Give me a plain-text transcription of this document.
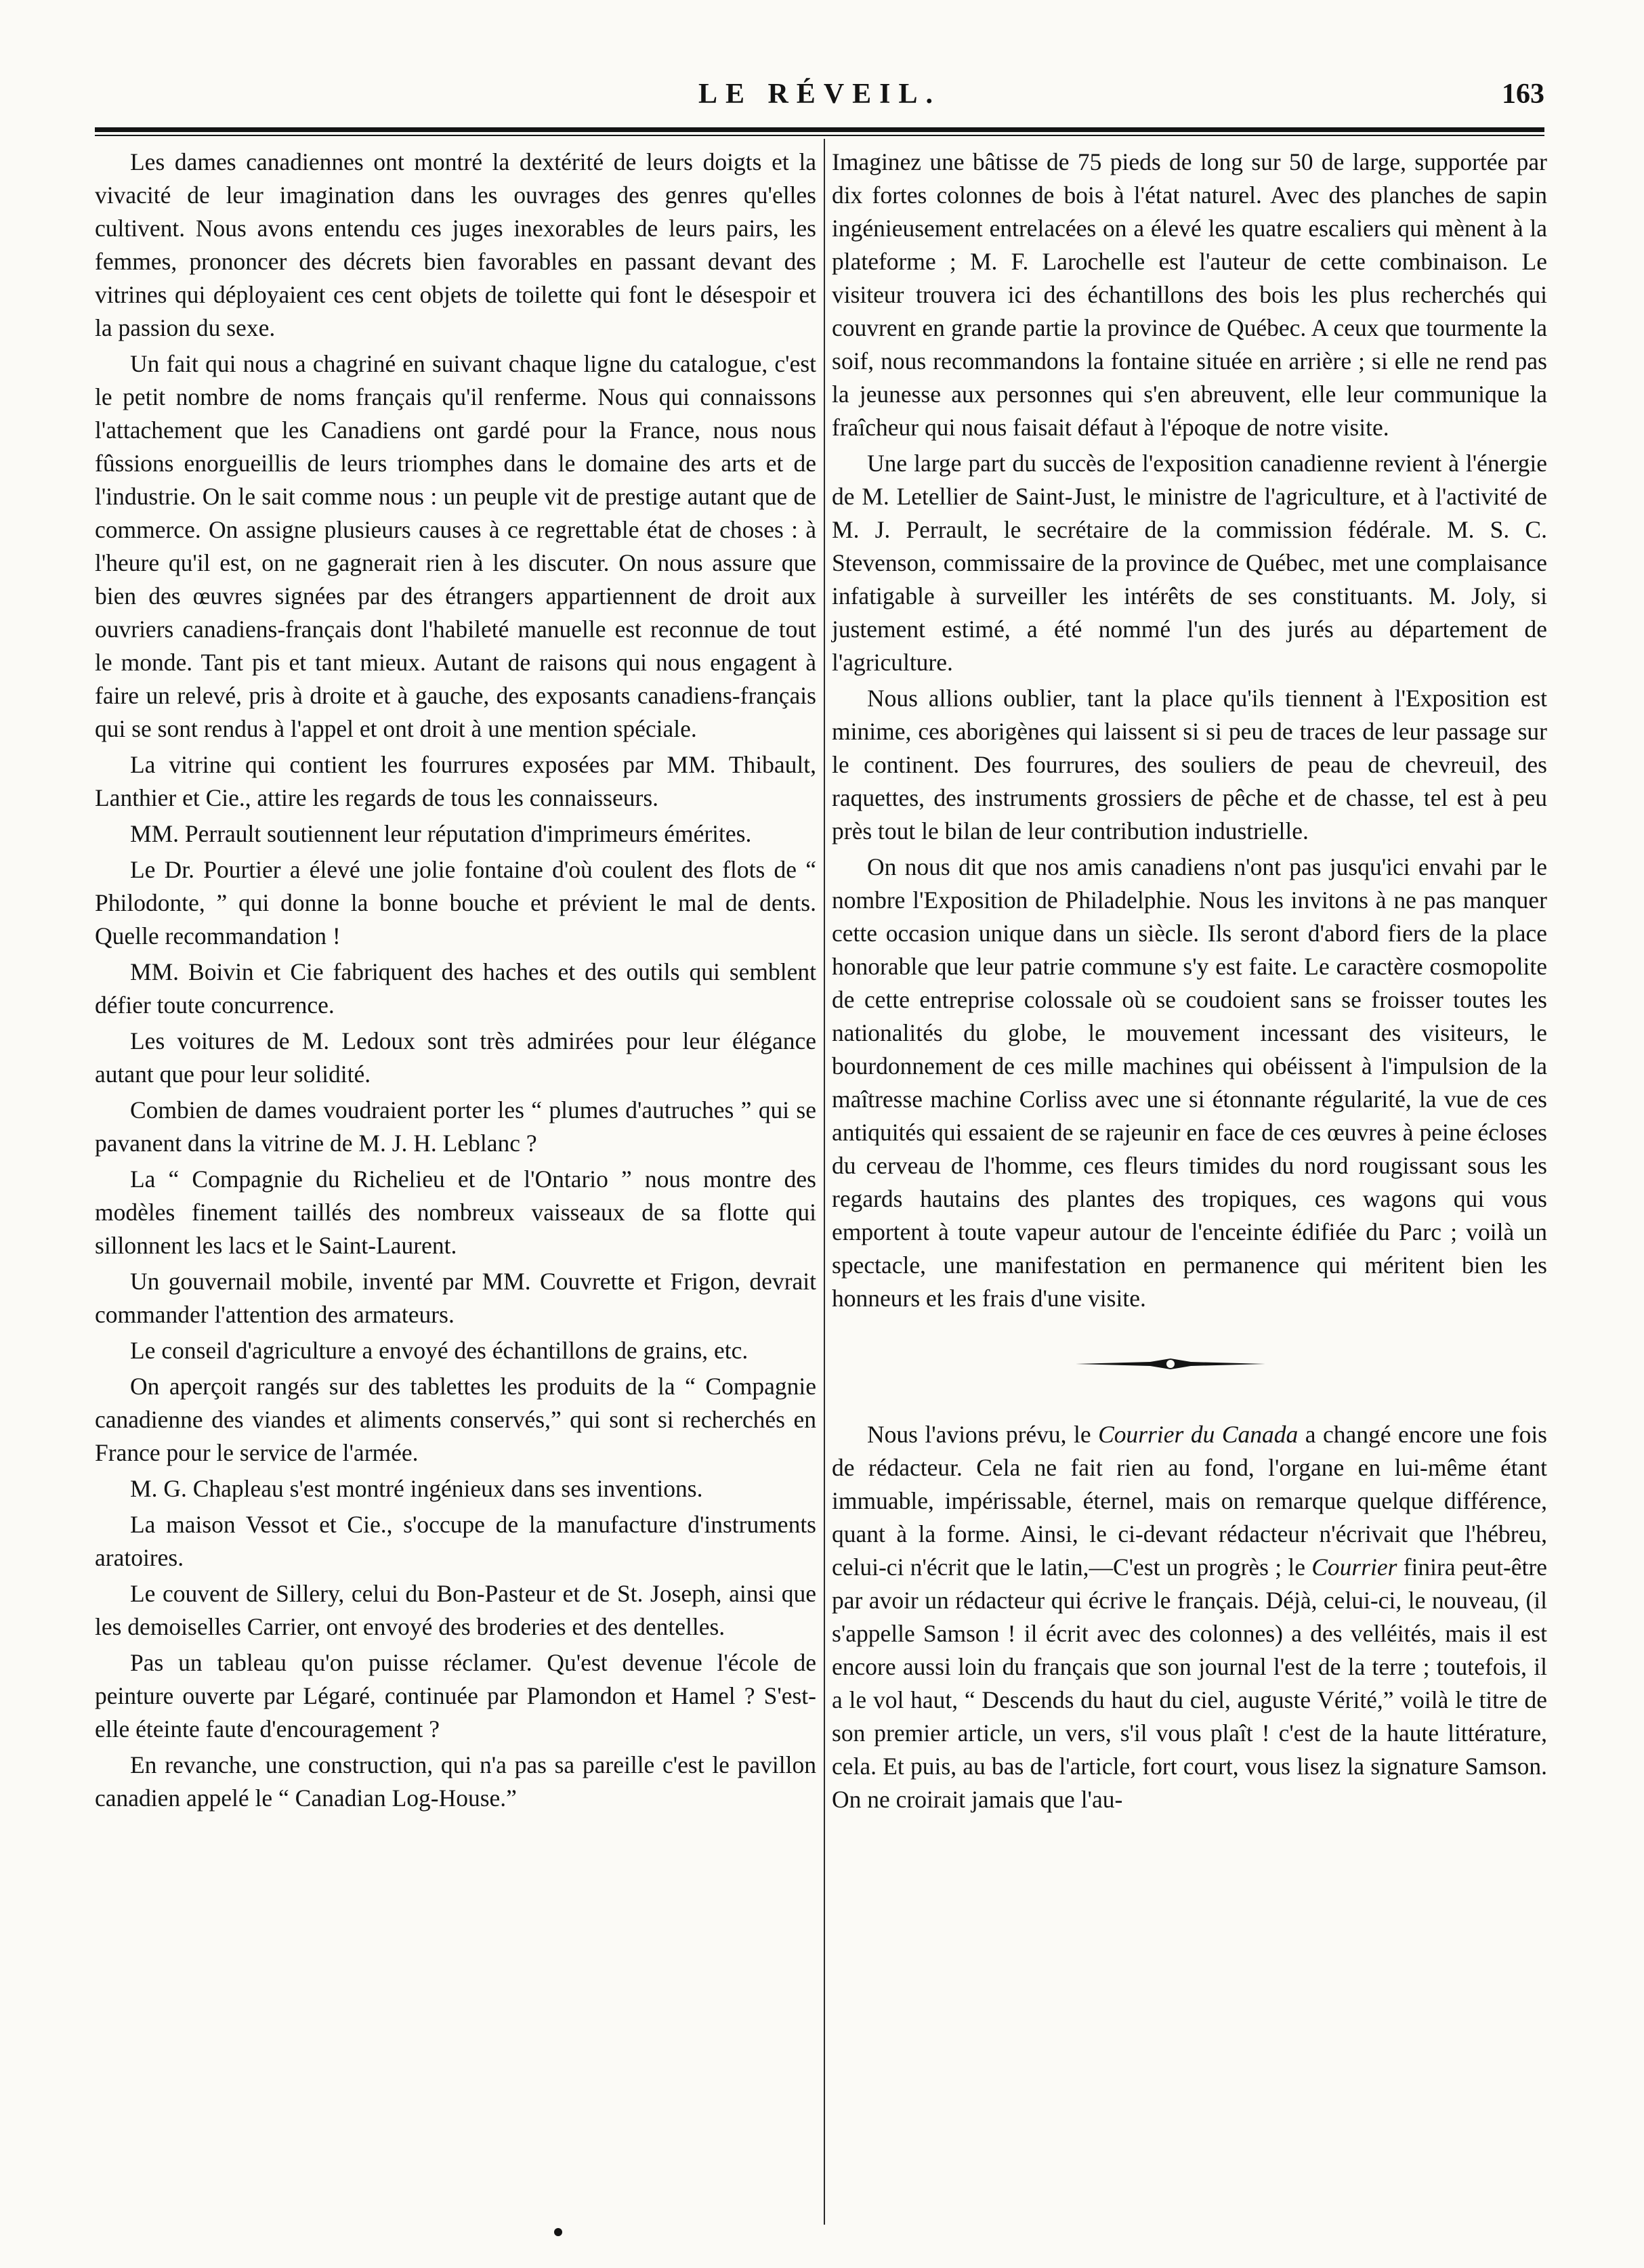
LE RÉVEIL.	163

Les dames canadiennes ont montré la dextérité de leurs doigts et la vivacité de leur imagination dans les ouvrages des genres qu'elles cultivent. Nous avons entendu ces juges inexorables de leurs pairs, les femmes, prononcer des décrets bien favorables en passant devant des vitrines qui déployaient ces cent objets de toilette qui font le désespoir et la passion du sexe.

Un fait qui nous a chagriné en suivant chaque ligne du catalogue, c'est le petit nombre de noms français qu'il renferme. Nous qui connaissons l'attachement que les Canadiens ont gardé pour la France, nous nous fûssions enorgueillis de leurs triomphes dans le domaine des arts et de l'industrie. On le sait comme nous : un peuple vit de prestige autant que de commerce. On assigne plusieurs causes à ce regrettable état de choses : à l'heure qu'il est, on ne gagnerait rien à les discuter. On nous assure que bien des œuvres signées par des étrangers appartiennent de droit aux ouvriers canadiens-français dont l'habileté manuelle est reconnue de tout le monde. Tant pis et tant mieux. Autant de raisons qui nous engagent à faire un relevé, pris à droite et à gauche, des exposants canadiens-français qui se sont rendus à l'appel et ont droit à une mention spéciale.

La vitrine qui contient les fourrures exposées par MM. Thibault, Lanthier et Cie., attire les regards de tous les connaisseurs.

MM. Perrault soutiennent leur réputation d'imprimeurs émérites.

Le Dr. Pourtier a élevé une jolie fontaine d'où coulent des flots de “ Philodonte, ” qui donne la bonne bouche et prévient le mal de dents. Quelle recommandation !

MM. Boivin et Cie fabriquent des haches et des outils qui semblent défier toute concurrence.

Les voitures de M. Ledoux sont très admirées pour leur élégance autant que pour leur solidité.

Combien de dames voudraient porter les “ plumes d'autruches ” qui se pavanent dans la vitrine de M. J. H. Leblanc ?

La “ Compagnie du Richelieu et de l'Ontario ” nous montre des modèles finement taillés des nombreux vaisseaux de sa flotte qui sillonnent les lacs et le Saint-Laurent.

Un gouvernail mobile, inventé par MM. Couvrette et Frigon, devrait commander l'attention des armateurs.

Le conseil d'agriculture a envoyé des échantillons de grains, etc.

On aperçoit rangés sur des tablettes les produits de la “ Compagnie canadienne des viandes et aliments conservés,” qui sont si recherchés en France pour le service de l'armée.

M. G. Chapleau s'est montré ingénieux dans ses inventions.

La maison Vessot et Cie., s'occupe de la manufacture d'instruments aratoires.

Le couvent de Sillery, celui du Bon-Pasteur et de St. Joseph, ainsi que les demoiselles Carrier, ont envoyé des broderies et des dentelles.

Pas un tableau qu'on puisse réclamer. Qu'est devenue l'école de peinture ouverte par Légaré, continuée par Plamondon et Hamel ? S'est-elle éteinte faute d'encouragement ?

En revanche, une construction, qui n'a pas sa pareille c'est le pavillon canadien appelé le “ Canadian Log-House.”

Imaginez une bâtisse de 75 pieds de long sur 50 de large, supportée par dix fortes colonnes de bois à l'état naturel. Avec des planches de sapin ingénieusement entrelacées on a élevé les quatre escaliers qui mènent à la plateforme ; M. F. Larochelle est l'auteur de cette combinaison. Le visiteur trouvera ici des échantillons des bois les plus recherchés qui couvrent en grande partie la province de Québec. A ceux que tourmente la soif, nous recommandons la fontaine située en arrière ; si elle ne rend pas la jeunesse aux personnes qui s'en abreuvent, elle leur communique la fraîcheur qui nous faisait défaut à l'époque de notre visite.

Une large part du succès de l'exposition canadienne revient à l'énergie de M. Letellier de Saint-Just, le ministre de l'agriculture, et à l'activité de M. J. Perrault, le secrétaire de la commission fédérale. M. S. C. Stevenson, commissaire de la province de Québec, met une complaisance infatigable à surveiller les intérêts de ses constituants. M. Joly, si justement estimé, a été nommé l'un des jurés au département de l'agriculture.

Nous allions oublier, tant la place qu'ils tiennent à l'Exposition est minime, ces aborigènes qui laissent si si peu de traces de leur passage sur le continent. Des fourrures, des souliers de peau de chevreuil, des raquettes, des instruments grossiers de pêche et de chasse, tel est à peu près tout le bilan de leur contribution industrielle.

On nous dit que nos amis canadiens n'ont pas jusqu'ici envahi par le nombre l'Exposition de Philadelphie. Nous les invitons à ne pas manquer cette occasion unique dans un siècle. Ils seront d'abord fiers de la place honorable que leur patrie commune s'y est faite. Le caractère cosmopolite de cette entreprise colossale où se coudoient sans se froisser toutes les nationalités du globe, le mouvement incessant des visiteurs, le bourdonnement de ces mille machines qui obéissent à l'impulsion de la maîtresse machine Corliss avec une si étonnante régularité, la vue de ces antiquités qui essaient de se rajeunir en face de ces œuvres à peine écloses du cerveau de l'homme, ces fleurs timides du nord rougissant sous les regards hautains des plantes des tropiques, ces wagons qui vous emportent à toute vapeur autour de l'enceinte édifiée du Parc ; voilà un spectacle, une manifestation en permanence qui méritent bien les honneurs et les frais d'une visite.

Nous l'avions prévu, le Courrier du Canada a changé encore une fois de rédacteur. Cela ne fait rien au fond, l'organe en lui-même étant immuable, impérissable, éternel, mais on remarque quelque différence, quant à la forme. Ainsi, le ci-devant rédacteur n'écrivait que l'hébreu, celui-ci n'écrit que le latin,—C'est un progrès ; le Courrier finira peut-être par avoir un rédacteur qui écrive le français. Déjà, celui-ci, le nouveau, (il s'appelle Samson ! il écrit avec des colonnes) a des velléités, mais il est encore aussi loin du français que son journal l'est de la terre ; toutefois, il a le vol haut, “ Descends du haut du ciel, auguste Vérité,” voilà le titre de son premier article, un vers, s'il vous plaît ! c'est de la haute littérature, cela. Et puis, au bas de l'article, fort court, vous lisez la signature Samson. On ne croirait jamais que l'au-
